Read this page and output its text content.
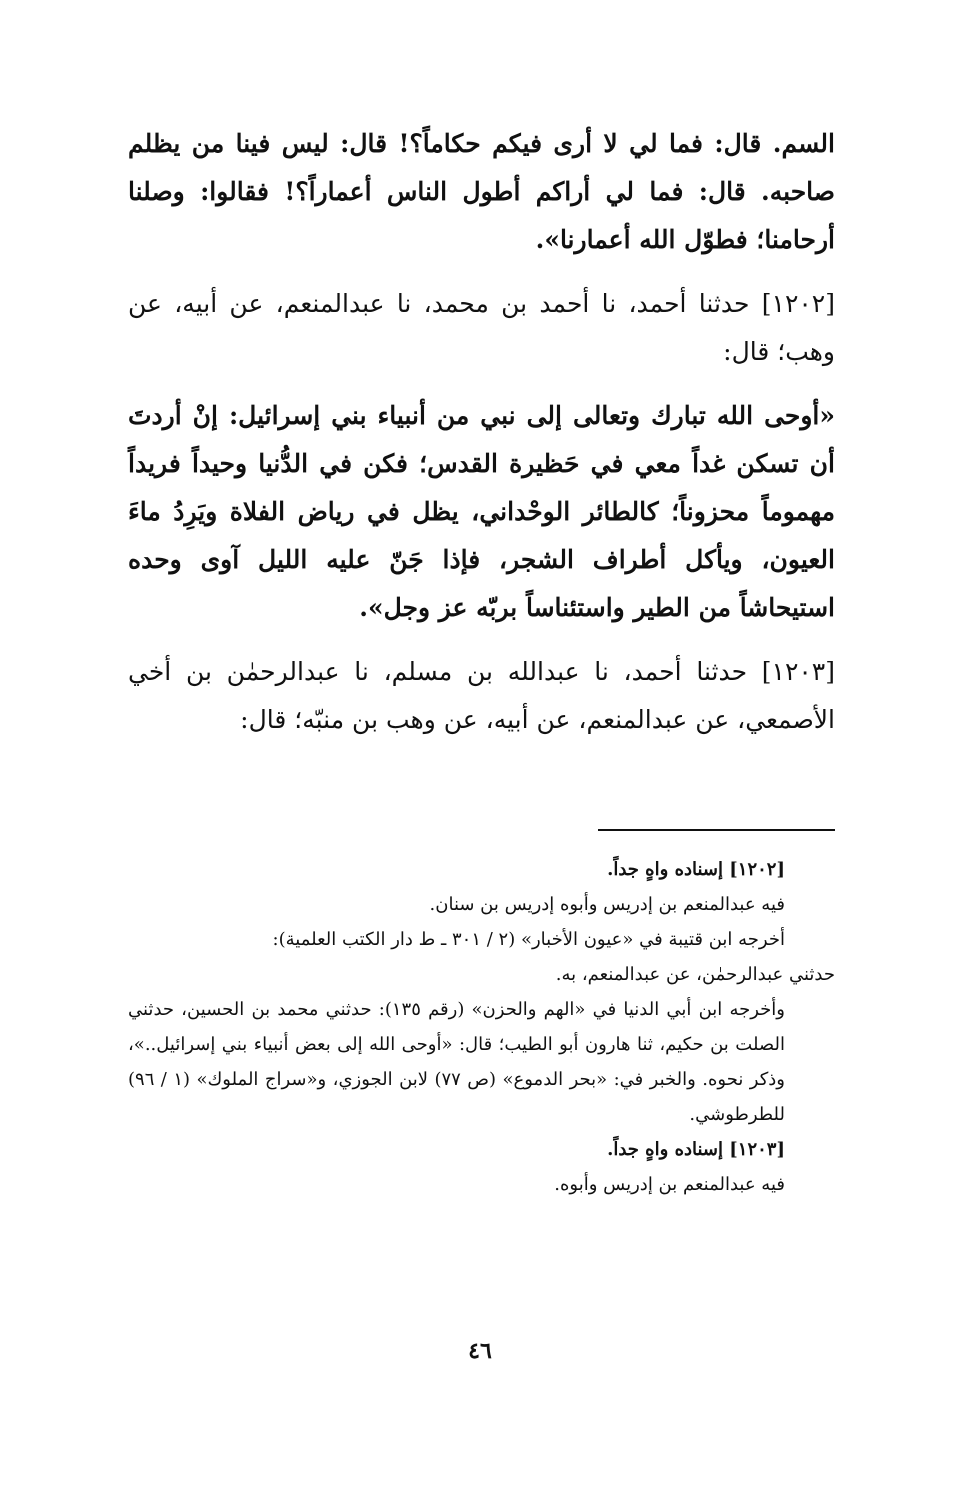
السم. قال: فما لي لا أرى فيكم حكاماً؟! قال: ليس فينا من يظلم صاحبه. قال: فما لي أراكم أطول الناس أعماراً؟! فقالوا: وصلنا أرحامنا؛ فطوّل الله أعمارنا».

[١٢٠٢] حدثنا أحمد، نا أحمد بن محمد، نا عبدالمنعم، عن أبيه، عن وهب؛ قال:

«أوحى الله تبارك وتعالى إلى نبي من أنبياء بني إسرائيل: إنْ أردتَ أن تسكن غداً معي في حَظيرة القدس؛ فكن في الدُّنيا وحيداً فريداً مهموماً محزوناً؛ كالطائر الوحْداني، يظل في رياض الفلاة ويَرِدُ ماءَ العيون، ويأكل أطراف الشجر، فإذا جَنّ عليه الليل آوى وحده استيحاشاً من الطير واستئناساً بربّه عز وجل».

[١٢٠٣] حدثنا أحمد، نا عبدالله بن مسلم، نا عبدالرحمٰن بن أخي الأصمعي، عن عبدالمنعم، عن أبيه، عن وهب بن منبّه؛ قال:

[١٢٠٢] إسناده واهٍ جداً.

فيه عبدالمنعم بن إدريس وأبوه إدريس بن سنان.

أخرجه ابن قتيبة في «عيون الأخبار» (٢ / ٣٠١ ـ ط دار الكتب العلمية):

حدثني عبدالرحمٰن، عن عبدالمنعم، به.

وأخرجه ابن أبي الدنيا في «الهم والحزن» (رقم ١٣٥): حدثني محمد بن الحسين، حدثني الصلت بن حكيم، ثنا هارون أبو الطيب؛ قال: «أوحى الله إلى بعض أنبياء بني إسرائيل..»، وذكر نحوه. والخبر في: «بحر الدموع» (ص ٧٧) لابن الجوزي، و«سراج الملوك» (١ / ٩٦) للطرطوشي.

[١٢٠٣] إسناده واهٍ جداً.

فيه عبدالمنعم بن إدريس وأبوه.

٤٦
